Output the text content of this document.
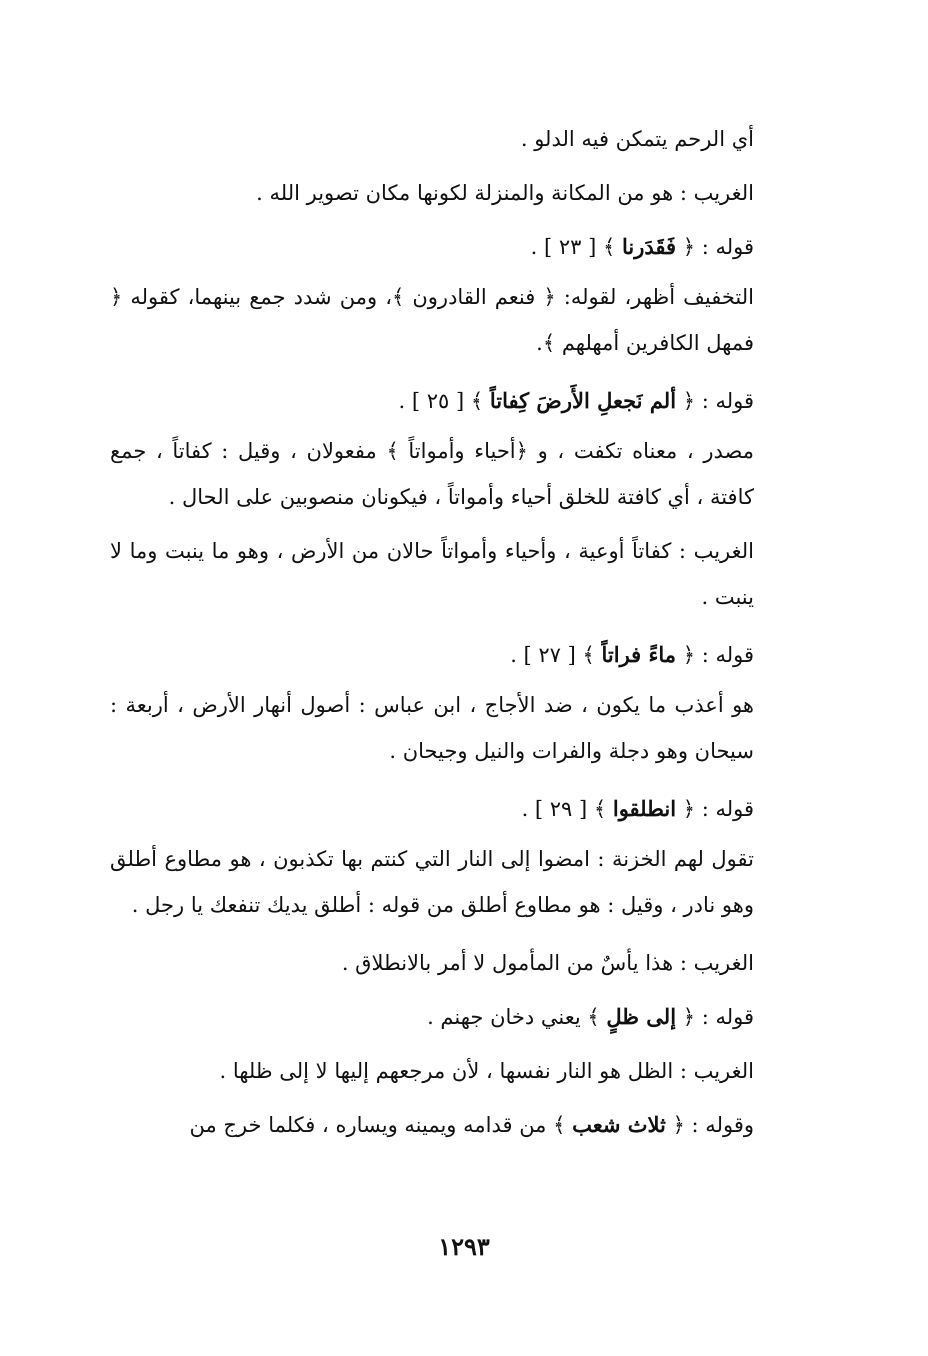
أي الرحم يتمكن فيه الدلو .

الغريب : هو من المكانة والمنزلة لكونها مكان تصوير الله .

قوله : ﴿ فَقَدَرنا ﴾ [ ٢٣ ] .

التخفيف أظهر، لقوله: ﴿ فنعم القادرون ﴾، ومن شدد جمع بينهما، كقوله ﴿ فمهل الكافرين أمهلهم ﴾.

قوله : ﴿ ألم نَجعلِ الأَرضَ كِفاتاً ﴾ [ ٢٥ ] .

مصدر ، معناه تكفت ، و ﴿أحياء وأمواتاً ﴾ مفعولان ، وقيل : كفاتاً ، جمع كافتة ، أي كافتة للخلق أحياء وأمواتاً ، فيكونان منصوبين على الحال .

الغريب : كفاتاً أوعية ، وأحياء وأمواتاً حالان من الأرض ، وهو ما ينبت وما لا ينبت .

قوله : ﴿ ماءً فراتاً ﴾ [ ٢٧ ] .

هو أعذب ما يكون ، ضد الأجاج ، ابن عباس : أصول أنهار الأرض ، أربعة : سيحان وهو دجلة والفرات والنيل وجيحان .

قوله : ﴿ انطلقوا ﴾ [ ٢٩ ] .

تقول لهم الخزنة : امضوا إلى النار التي كنتم بها تكذبون ، هو مطاوع أطلق وهو نادر ، وقيل : هو مطاوع أطلق من قوله : أطلق يديك تنفعك يا رجل .

الغريب : هذا يأسٌ من المأمول لا أمر بالانطلاق .

قوله : ﴿ إلى ظلٍ ﴾ يعني دخان جهنم .

الغريب : الظل هو النار نفسها ، لأن مرجعهم إليها لا إلى ظلها .

وقوله : ﴿ ثلاث شعب ﴾ من قدامه ويمينه ويساره ، فكلما خرج من

١٢٩٣
